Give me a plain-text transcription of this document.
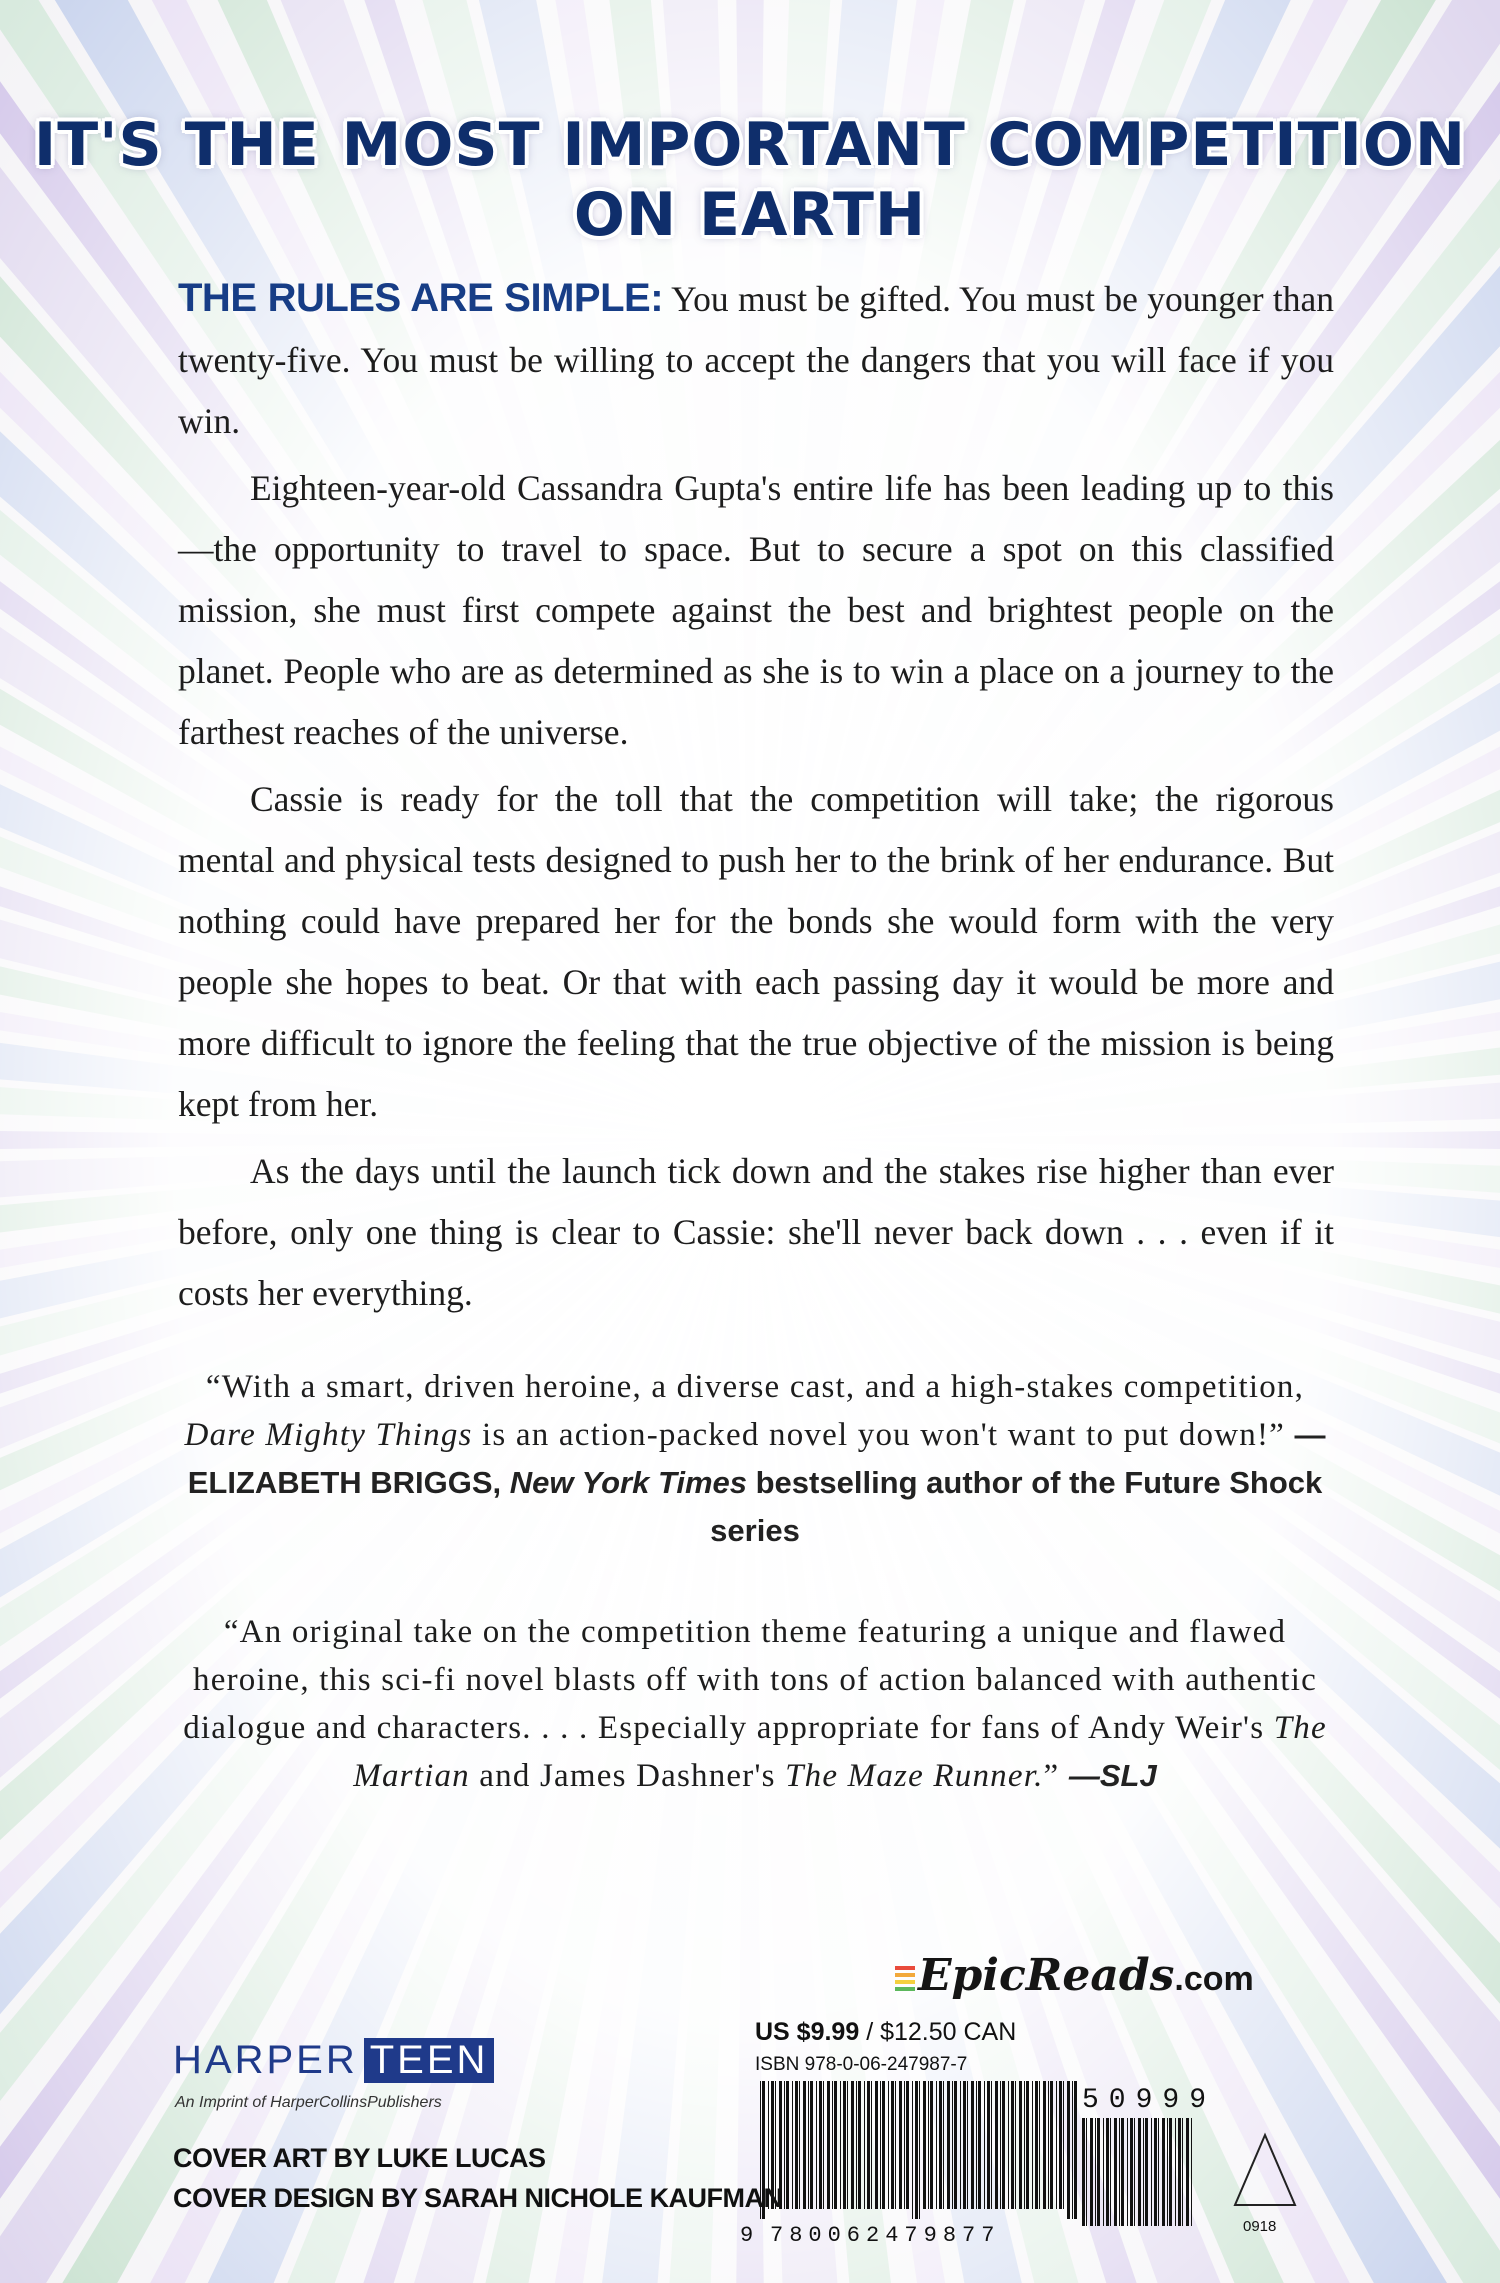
IT'S THE MOST IMPORTANT COMPETITION ON EARTH

THE RULES ARE SIMPLE: You must be gifted. You must be younger than twenty-five. You must be willing to accept the dangers that you will face if you win.

Eighteen-year-old Cassandra Gupta's entire life has been leading up to this—the opportunity to travel to space. But to secure a spot on this classified mission, she must first compete against the best and brightest people on the planet. People who are as determined as she is to win a place on a journey to the farthest reaches of the universe.

Cassie is ready for the toll that the competition will take; the rigorous mental and physical tests designed to push her to the brink of her endurance. But nothing could have prepared her for the bonds she would form with the very people she hopes to beat. Or that with each passing day it would be more and more difficult to ignore the feeling that the true objective of the mission is being kept from her.

As the days until the launch tick down and the stakes rise higher than ever before, only one thing is clear to Cassie: she'll never back down . . . even if it costs her everything.

“With a smart, driven heroine, a diverse cast, and a high-stakes competition, Dare Mighty Things is an action-packed novel you won't want to put down!” —ELIZABETH BRIGGS, New York Times bestselling author of the Future Shock series
“An original take on the competition theme featuring a unique and flawed heroine, this sci-fi novel blasts off with tons of action balanced with authentic dialogue and characters. . . . Especially appropriate for fans of Andy Weir's The Martian and James Dashner's The Maze Runner.” —SLJ
EpicReads.com
US $9.99 / $12.50 CAN
ISBN 978-0-06-247987-7
9 780062479877
50999
0918
HARPER TEEN
An Imprint of HarperCollinsPublishers
COVER ART BY LUKE LUCAS
COVER DESIGN BY SARAH NICHOLE KAUFMAN
